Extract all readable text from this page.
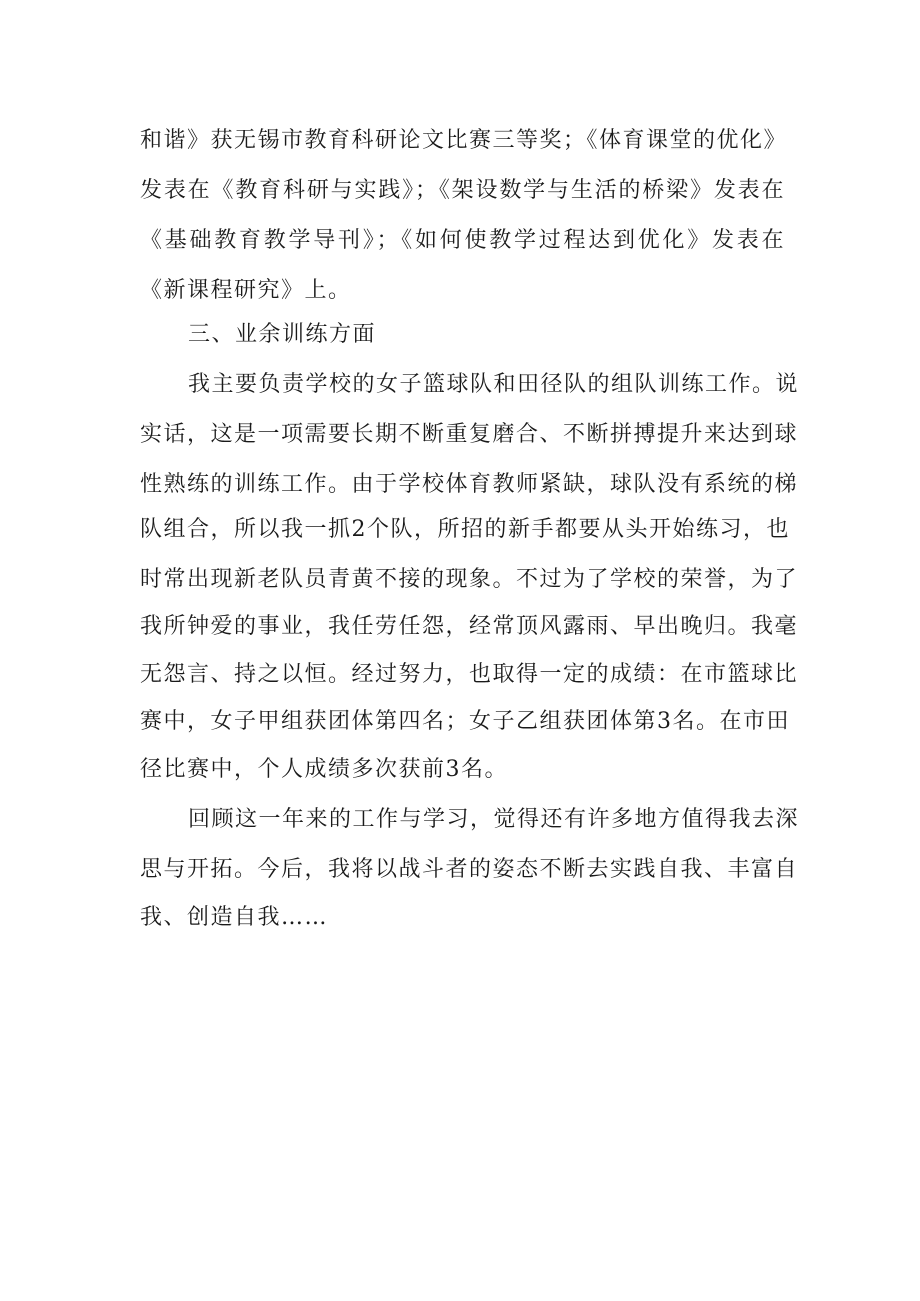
和谐》获无锡市教育科研论文比赛三等奖；《体育课堂的优化》
发表在《教育科研与实践》；《架设数学与生活的桥梁》发表在
《基础教育教学导刊》；《如何使教学过程达到优化》发表在
《新课程研究》上。
三、业余训练方面
我主要负责学校的女子篮球队和田径队的组队训练工作。说
实话，这是一项需要长期不断重复磨合、不断拼搏提升来达到球
性熟练的训练工作。由于学校体育教师紧缺，球队没有系统的梯
队组合，所以我一抓2个队，所招的新手都要从头开始练习，也
时常出现新老队员青黄不接的现象。不过为了学校的荣誉，为了
我所钟爱的事业，我任劳任怨，经常顶风露雨、早出晚归。我毫
无怨言、持之以恒。经过努力，也取得一定的成绩：在市篮球比
赛中，女子甲组获团体第四名；女子乙组获团体第3名。在市田
径比赛中，个人成绩多次获前3名。
回顾这一年来的工作与学习，觉得还有许多地方值得我去深
思与开拓。今后，我将以战斗者的姿态不断去实践自我、丰富自
我、创造自我……
